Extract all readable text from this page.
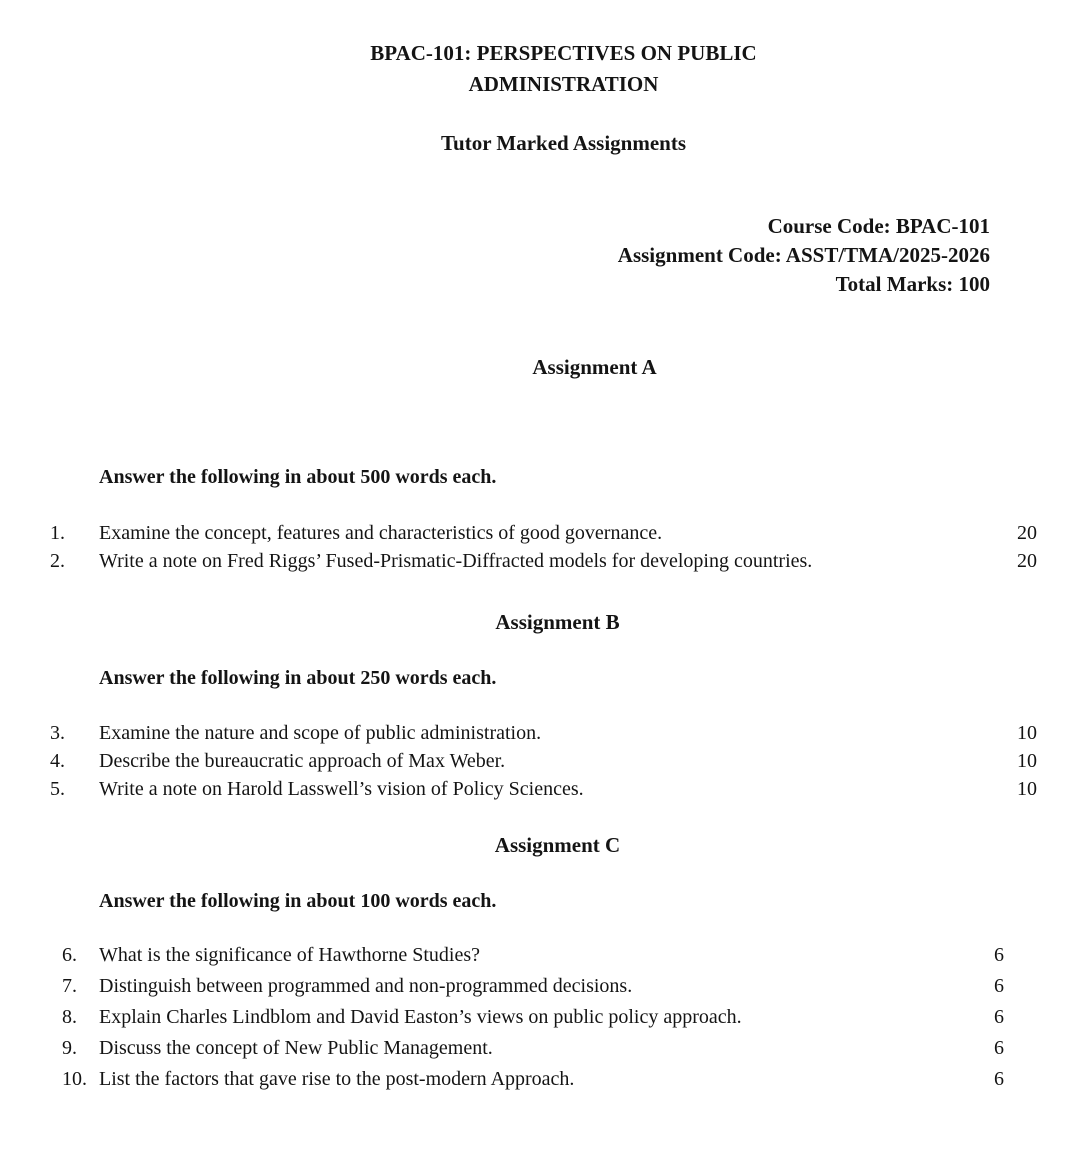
BPAC-101: PERSPECTIVES ON PUBLIC
ADMINISTRATION
Tutor Marked Assignments
Course Code: BPAC-101
Assignment Code: ASST/TMA/2025-2026
Total Marks: 100
Assignment A
Answer the following in about 500 words each.
1.	Examine the concept, features and characteristics of good governance.	20
2.	Write a note on Fred Riggs’ Fused-Prismatic-Diffracted models for developing countries.	20
Assignment B
Answer the following in about 250 words each.
3.	Examine the nature and scope of public administration.	10
4.	Describe the bureaucratic approach of Max Weber.	10
5.	Write a note on Harold Lasswell’s vision of Policy Sciences.	10
Assignment C
Answer the following in about 100 words each.
6.	What is the significance of Hawthorne Studies?	6
7.	Distinguish between programmed and non-programmed decisions.	6
8.	Explain Charles Lindblom and David Easton’s views on public policy approach.	6
9.	Discuss the concept of New Public Management.	6
10. List the factors that gave rise to the post-modern Approach.	6
